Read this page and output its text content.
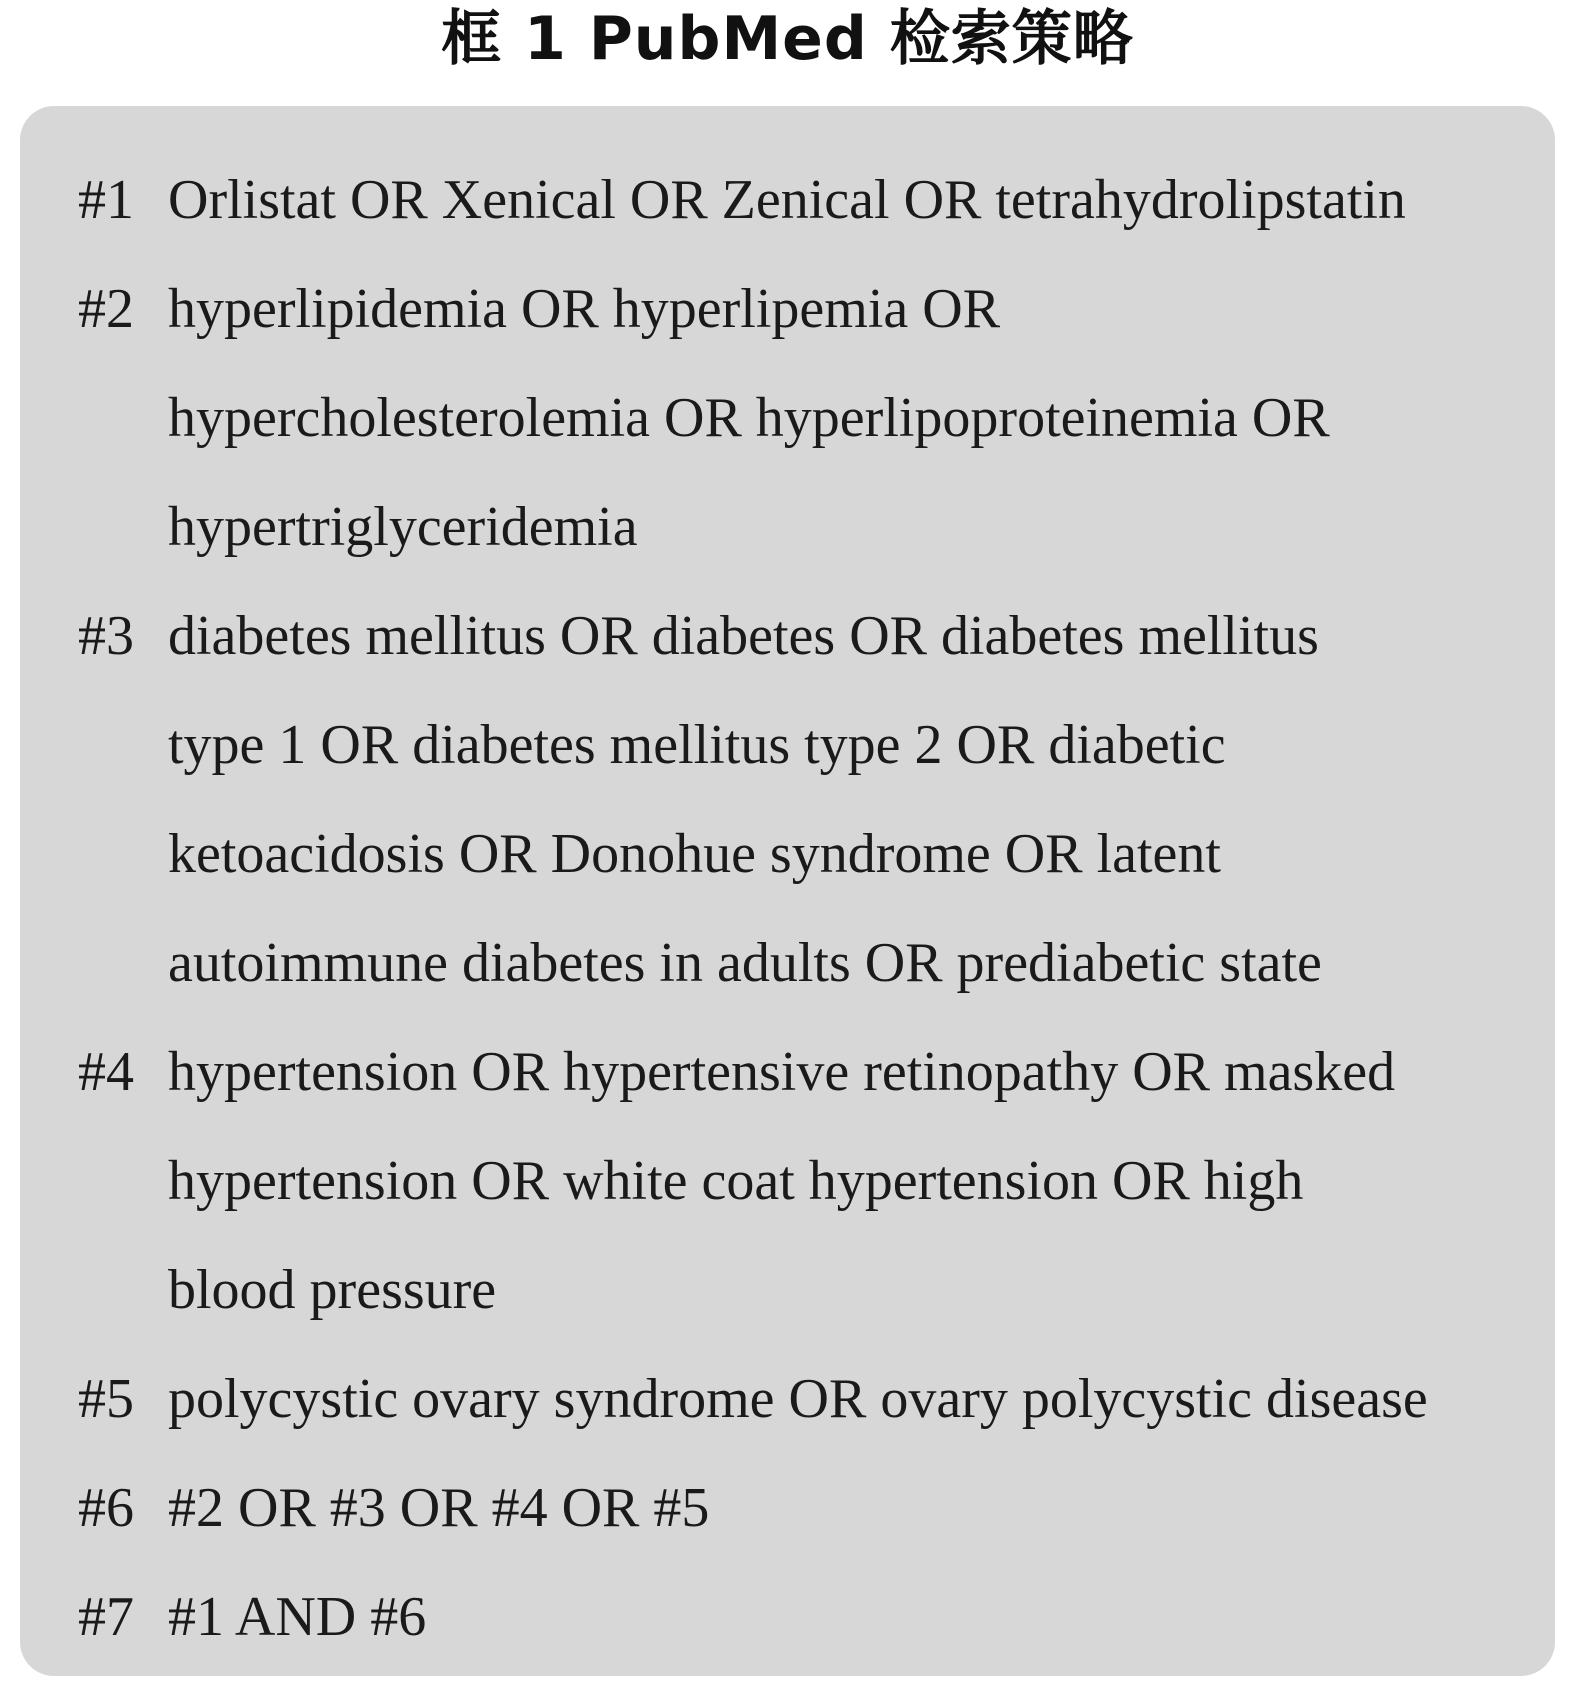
框 1 PubMed 检索策略
#1 Orlistat OR Xenical OR Zenical OR tetrahydrolipstatin
#2 hyperlipidemia OR hyperlipemia OR
hypercholesterolemia OR hyperlipoproteinemia OR
hypertriglyceridemia
#3 diabetes mellitus OR diabetes OR diabetes mellitus
type 1 OR diabetes mellitus type 2 OR diabetic
ketoacidosis OR Donohue syndrome OR latent
autoimmune diabetes in adults OR prediabetic state
#4 hypertension OR hypertensive retinopathy OR masked
hypertension OR white coat hypertension OR high
blood pressure
#5 polycystic ovary syndrome OR ovary polycystic disease
#6 #2 OR #3 OR #4 OR #5
#7 #1 AND #6
